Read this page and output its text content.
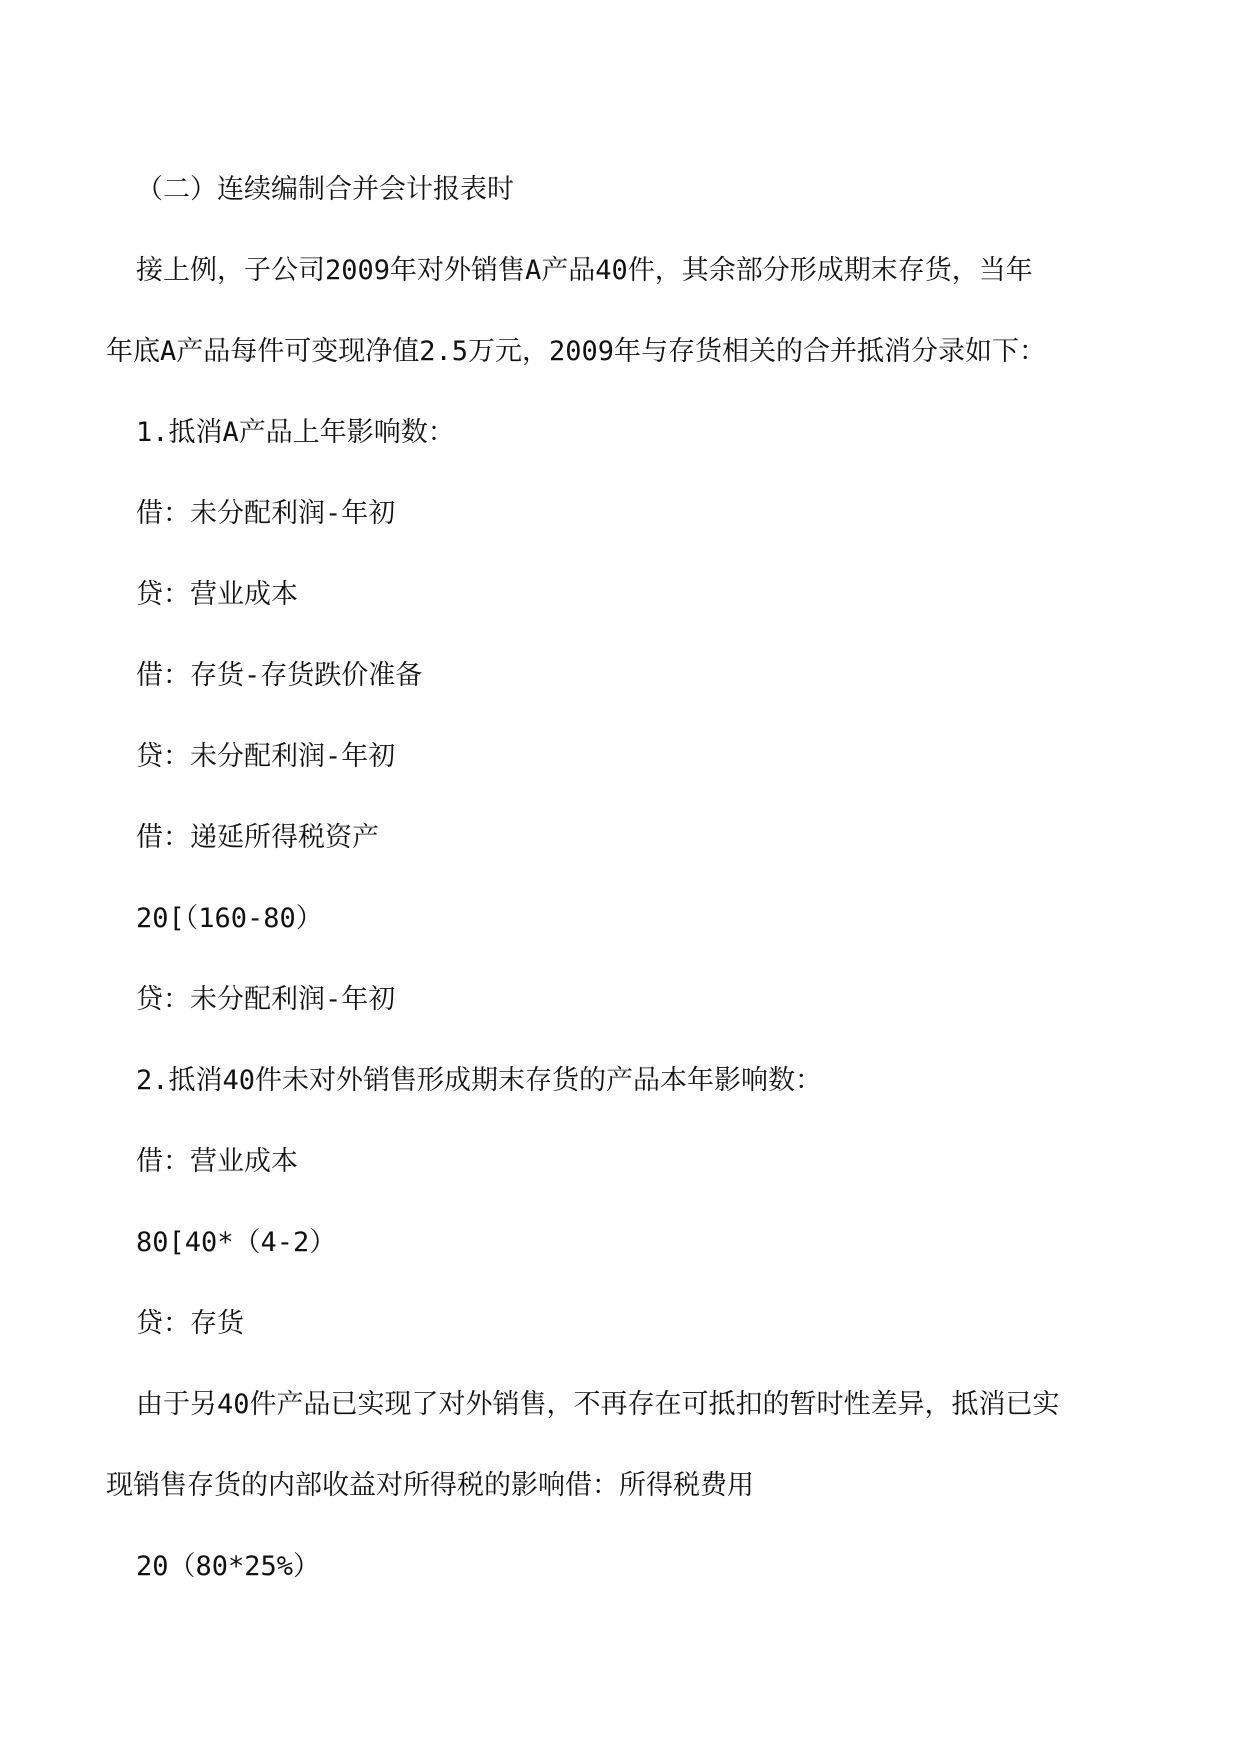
（二）连续编制合并会计报表时
接上例，子公司2009年对外销售A产品40件，其余部分形成期末存货，当年
年底A产品每件可变现净值2.5万元，2009年与存货相关的合并抵消分录如下：
1.抵消A产品上年影响数：
借：未分配利润-年初
贷：营业成本
借：存货-存货跌价准备
贷：未分配利润-年初
借：递延所得税资产
20[（160-80）
贷：未分配利润-年初
2.抵消40件未对外销售形成期末存货的产品本年影响数：
借：营业成本
80[40*（4-2）
贷：存货
由于另40件产品已实现了对外销售，不再存在可抵扣的暂时性差异，抵消已实
现销售存货的内部收益对所得税的影响借：所得税费用
20（80*25%）
